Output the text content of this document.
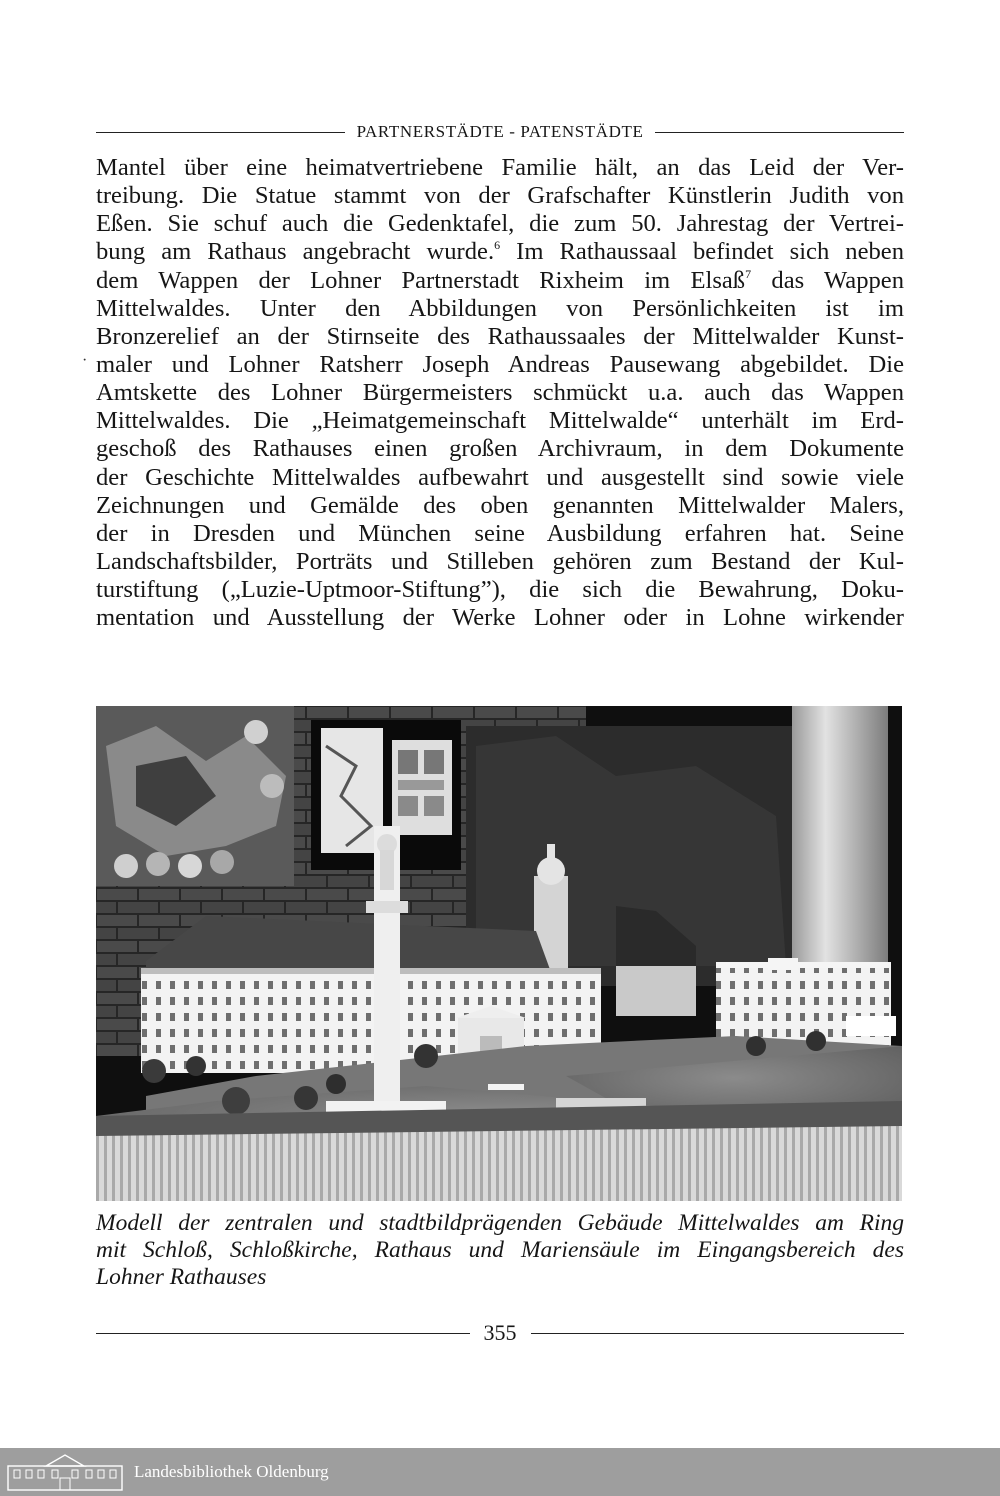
PARTNERSTÄDTE - PATENSTÄDTE
·
Mantel über eine heimatvertriebene Familie hält, an das Leid der Ver-
treibung. Die Statue stammt von der Grafschafter Künstlerin Judith von
Eßen. Sie schuf auch die Gedenktafel, die zum 50. Jahrestag der Vertrei-
bung am Rathaus angebracht wurde.$^6$ Im Rathaussaal befindet sich neben
dem Wappen der Lohner Partnerstadt Rixheim im Elsaß$^7$ das Wappen
Mittelwaldes. Unter den Abbildungen von Persönlichkeiten ist im
Bronzerelief an der Stirnseite des Rathaussaales der Mittelwalder Kunst-
maler und Lohner Ratsherr Joseph Andreas Pausewang abgebildet. Die
Amtskette des Lohner Bürgermeisters schmückt u.a. auch das Wappen
Mittelwaldes. Die „Heimatgemeinschaft Mittelwalde“ unterhält im Erd-
geschoß des Rathauses einen großen Archivraum, in dem Dokumente
der Geschichte Mittelwaldes aufbewahrt und ausgestellt sind sowie viele
Zeichnungen und Gemälde des oben genannten Mittelwalder Malers,
der in Dresden und München seine Ausbildung erfahren hat. Seine
Landschaftsbilder, Porträts und Stilleben gehören zum Bestand der Kul-
turstiftung („Luzie-Uptmoor-Stiftung”), die sich die Bewahrung, Doku-
mentation und Ausstellung der Werke Lohner oder in Lohne wirkender
Modell der zentralen und stadtbildprägenden Gebäude Mittelwaldes am Ring
mit Schloß, Schloßkirche, Rathaus und Mariensäule im Eingangsbereich des
Lohner Rathauses
355
Landesbibliothek Oldenburg
